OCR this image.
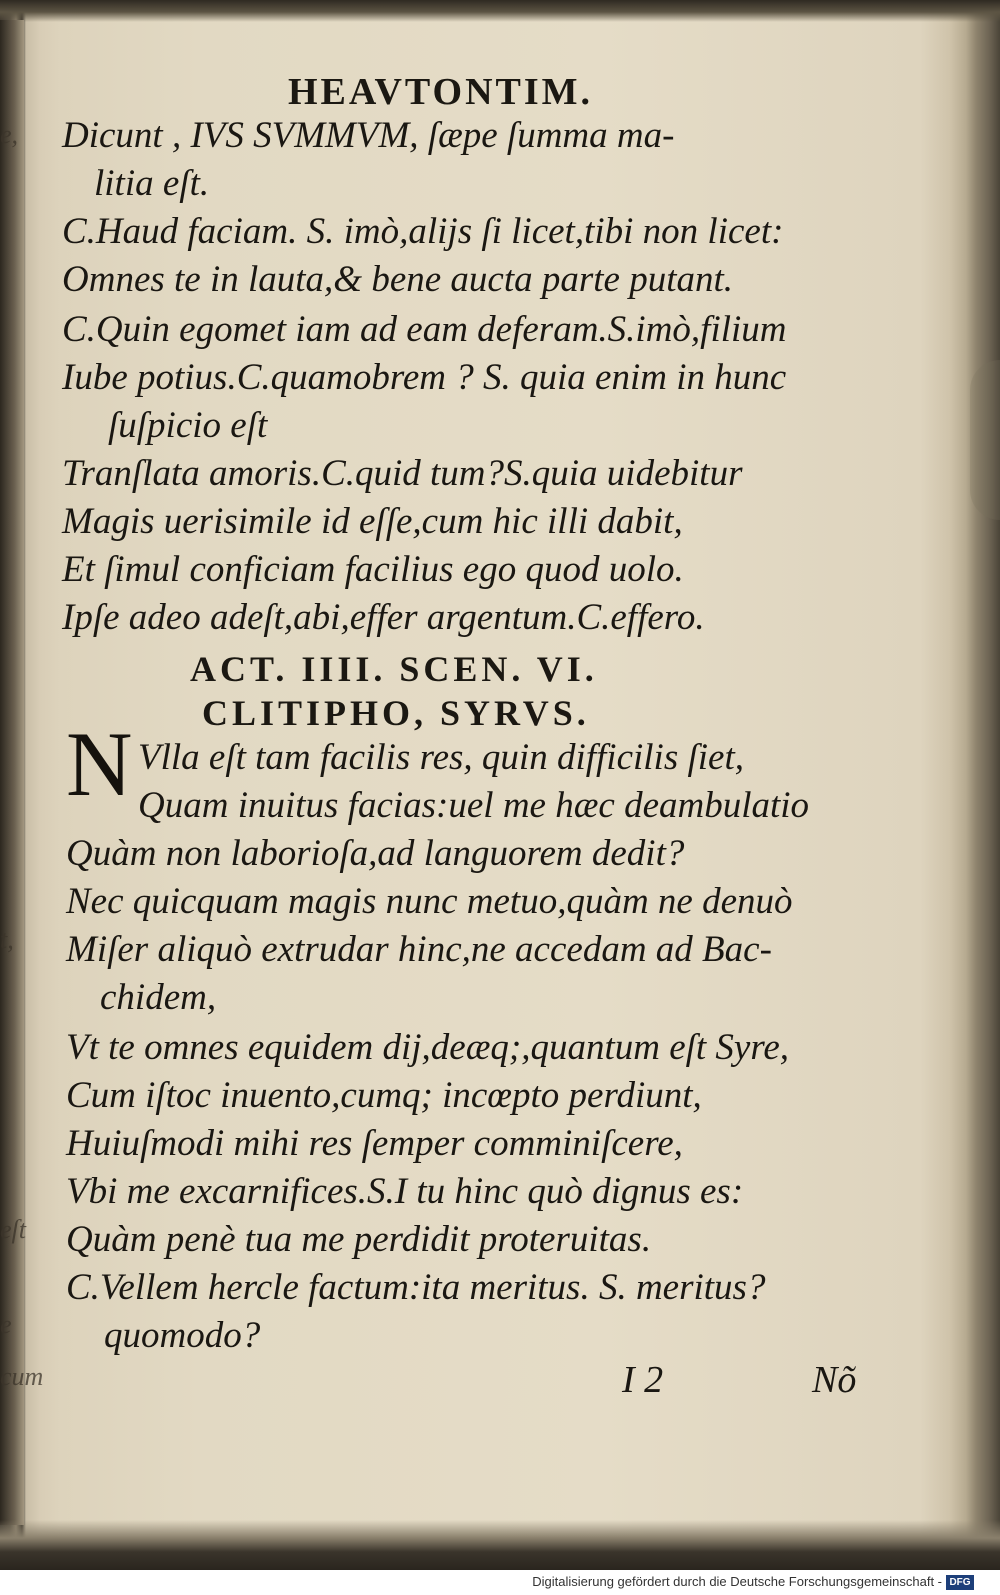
e,
t,
eſt
e
cum
HEAVTONTIM.
Dicunt , IVS SVMMVM, ſæpe ſumma ma-
litia eſt.
C.Haud faciam. S. imò,alijs ſi licet,tibi non licet:
Omnes te in lauta,& bene aucta parte putant.
C.Quin egomet iam ad eam deferam.S.imò,filium
Iube potius.C.quamobrem ? S. quia enim in hunc
ſuſpicio eſt
Tranſlata amoris.C.quid tum?S.quia uidebitur
Magis uerisimile id eſſe,cum hic illi dabit,
Et ſimul conficiam facilius ego quod uolo.
Ipſe adeo adeſt,abi,effer argentum.C.effero.
ACT. IIII. SCEN. VI.
CLITIPHO, SYRVS.
N Vlla eſt tam facilis res, quin difficilis ſiet,
Quam inuitus facias:uel me hæc deambulatio
Quàm non laborioſa,ad languorem dedit?
Nec quicquam magis nunc metuo,quàm ne denuò
Miſer aliquò extrudar hinc,ne accedam ad Bac-
chidem,
Vt te omnes equidem dij,deæq;,quantum eſt Syre,
Cum iſtoc inuento,cumq; incœpto perdiunt,
Huiuſmodi mihi res ſemper comminiſcere,
Vbi me excarnifices.S.I tu hinc quò dignus es:
Quàm penè tua me perdidit proteruitas.
C.Vellem hercle factum:ita meritus. S. meritus?
quomodo?
I 2	Nõ
Digitalisierung gefördert durch die Deutsche Forschungsgemeinschaft - DFG
